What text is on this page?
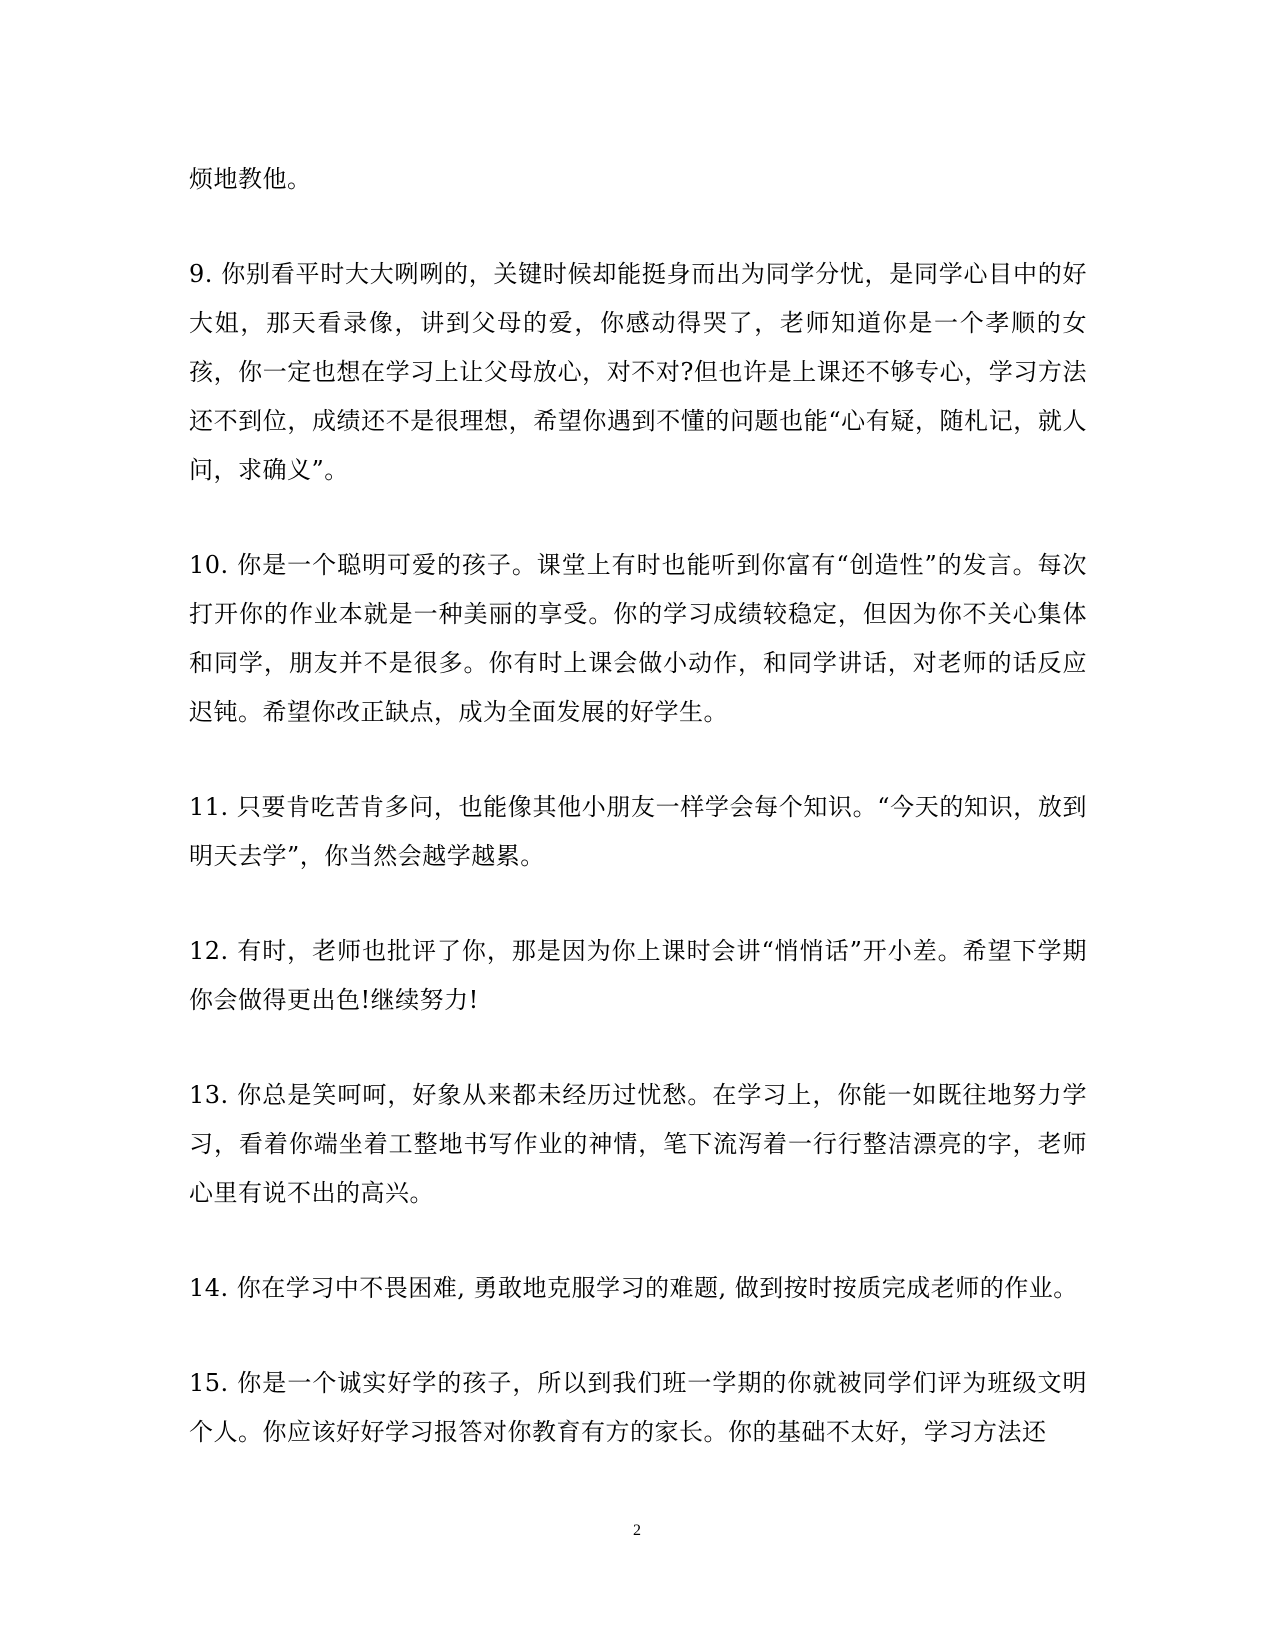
烦地教他。

9. 你别看平时大大咧咧的，关键时候却能挺身而出为同学分忧，是同学心目中的好大姐，那天看录像，讲到父母的爱，你感动得哭了，老师知道你是一个孝顺的女孩，你一定也想在学习上让父母放心，对不对?但也许是上课还不够专心，学习方法还不到位，成绩还不是很理想，希望你遇到不懂的问题也能“心有疑，随札记，就人问，求确义”。

10. 你是一个聪明可爱的孩子。课堂上有时也能听到你富有“创造性”的发言。每次打开你的作业本就是一种美丽的享受。你的学习成绩较稳定，但因为你不关心集体和同学，朋友并不是很多。你有时上课会做小动作，和同学讲话，对老师的话反应迟钝。希望你改正缺点，成为全面发展的好学生。

11. 只要肯吃苦肯多问，也能像其他小朋友一样学会每个知识。“今天的知识，放到明天去学”，你当然会越学越累。

12. 有时，老师也批评了你，那是因为你上课时会讲“悄悄话”开小差。希望下学期你会做得更出色!继续努力!

13. 你总是笑呵呵，好象从来都未经历过忧愁。在学习上，你能一如既往地努力学习，看着你端坐着工整地书写作业的神情，笔下流泻着一行行整洁漂亮的字，老师心里有说不出的高兴。

14. 你在学习中不畏困难, 勇敢地克服学习的难题, 做到按时按质完成老师的作业。

15. 你是一个诚实好学的孩子，所以到我们班一学期的你就被同学们评为班级文明个人。你应该好好学习报答对你教育有方的家长。你的基础不太好，学习方法还

2
